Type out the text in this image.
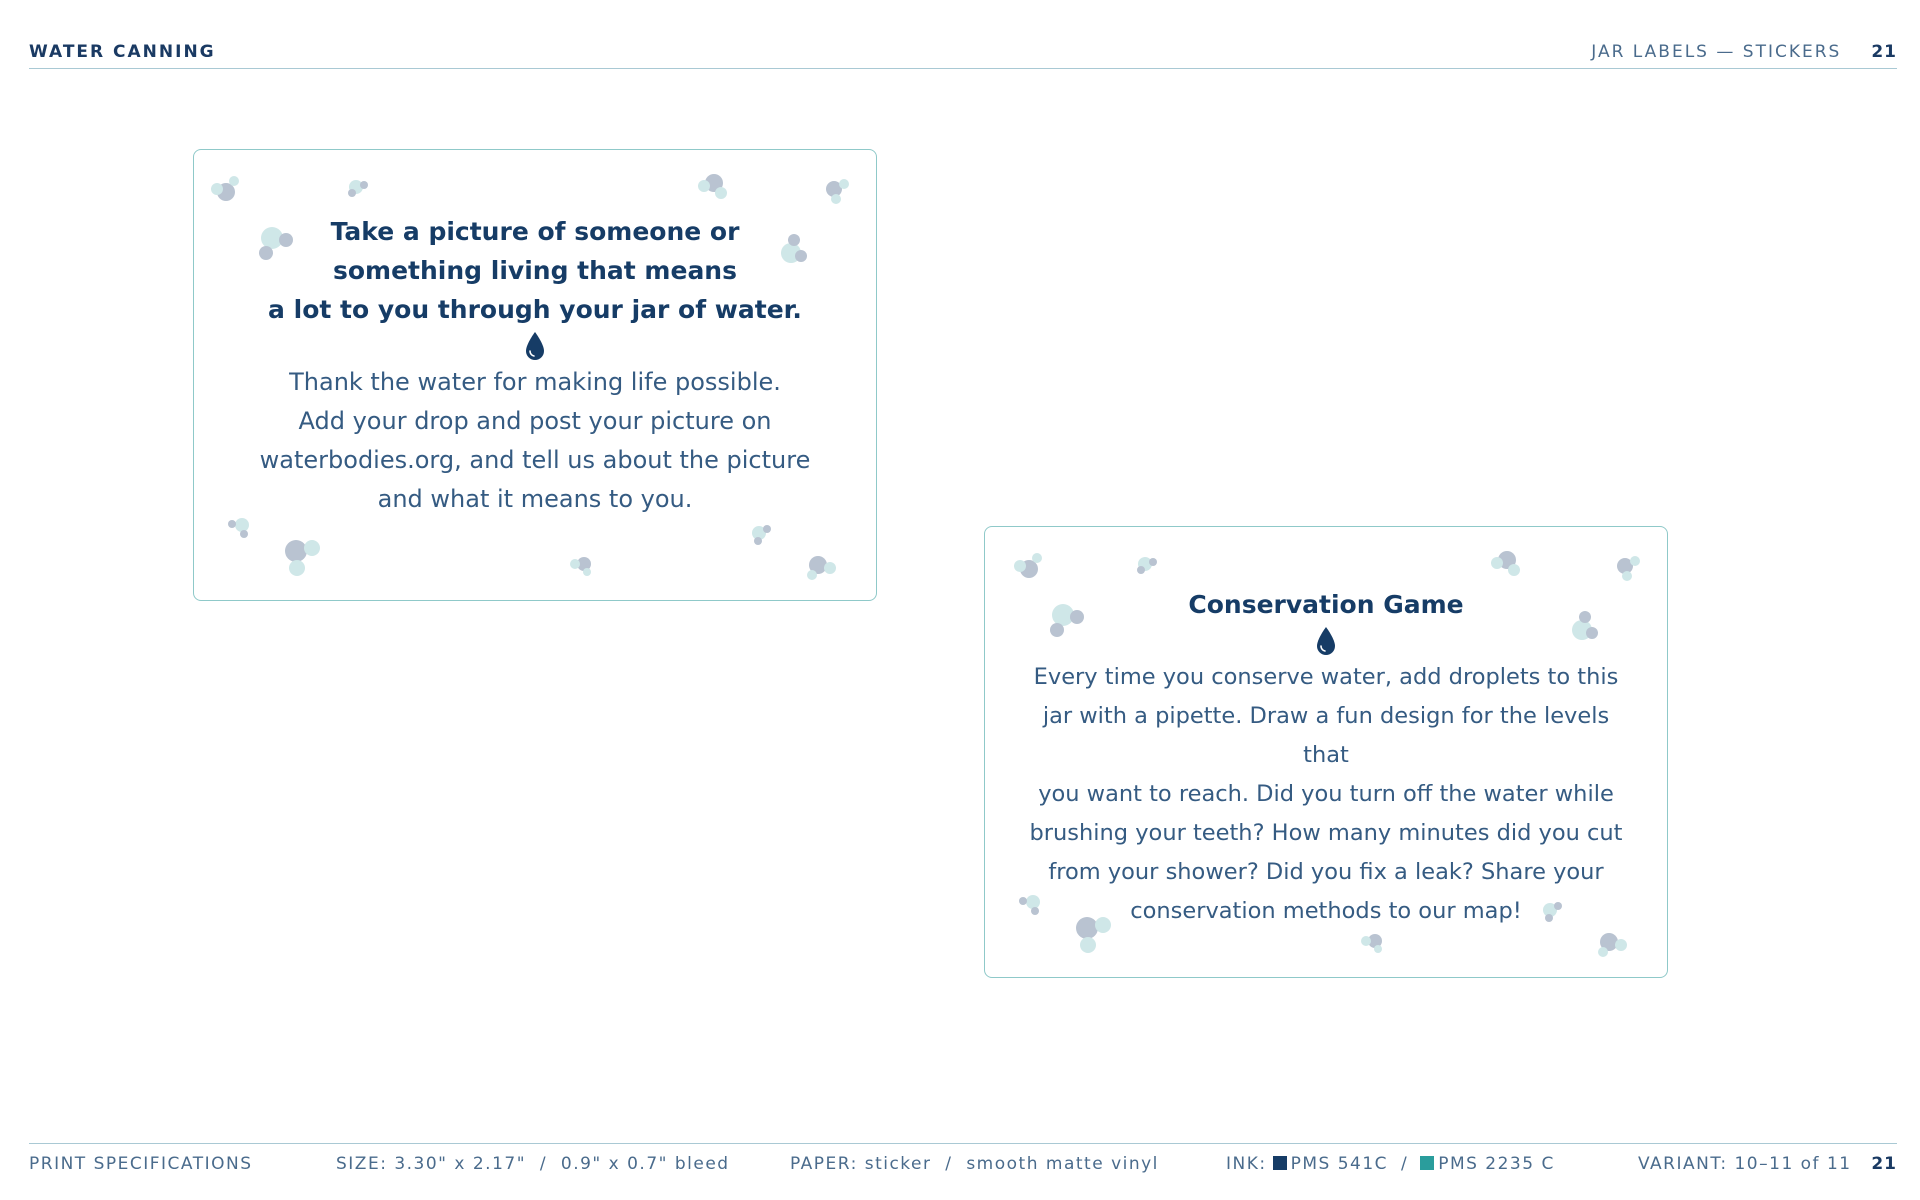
WATER CANNING	JAR LABELS — STICKERS 21
Take a picture of someone or
something living that means
a lot to you through your jar of water.
Thank the water for making life possible.
Add your drop and post your picture on
waterbodies.org, and tell us about the picture
and what it means to you.
Conservation Game
Every time you conserve water, add droplets to this
jar with a pipette. Draw a fun design for the levels that
you want to reach. Did you turn off the water while
brushing your teeth? How many minutes did you cut
from your shower? Did you fix a leak? Share your
conservation methods to our map!
PRINT SPECIFICATIONS	SIZE: 3.30" x 2.17"  /  0.9" x 0.7" bleed	PAPER: sticker  /  smooth matte vinyl	INK: PMS 541C / PMS 2235 C	VARIANT: 10–11 of 11 21
